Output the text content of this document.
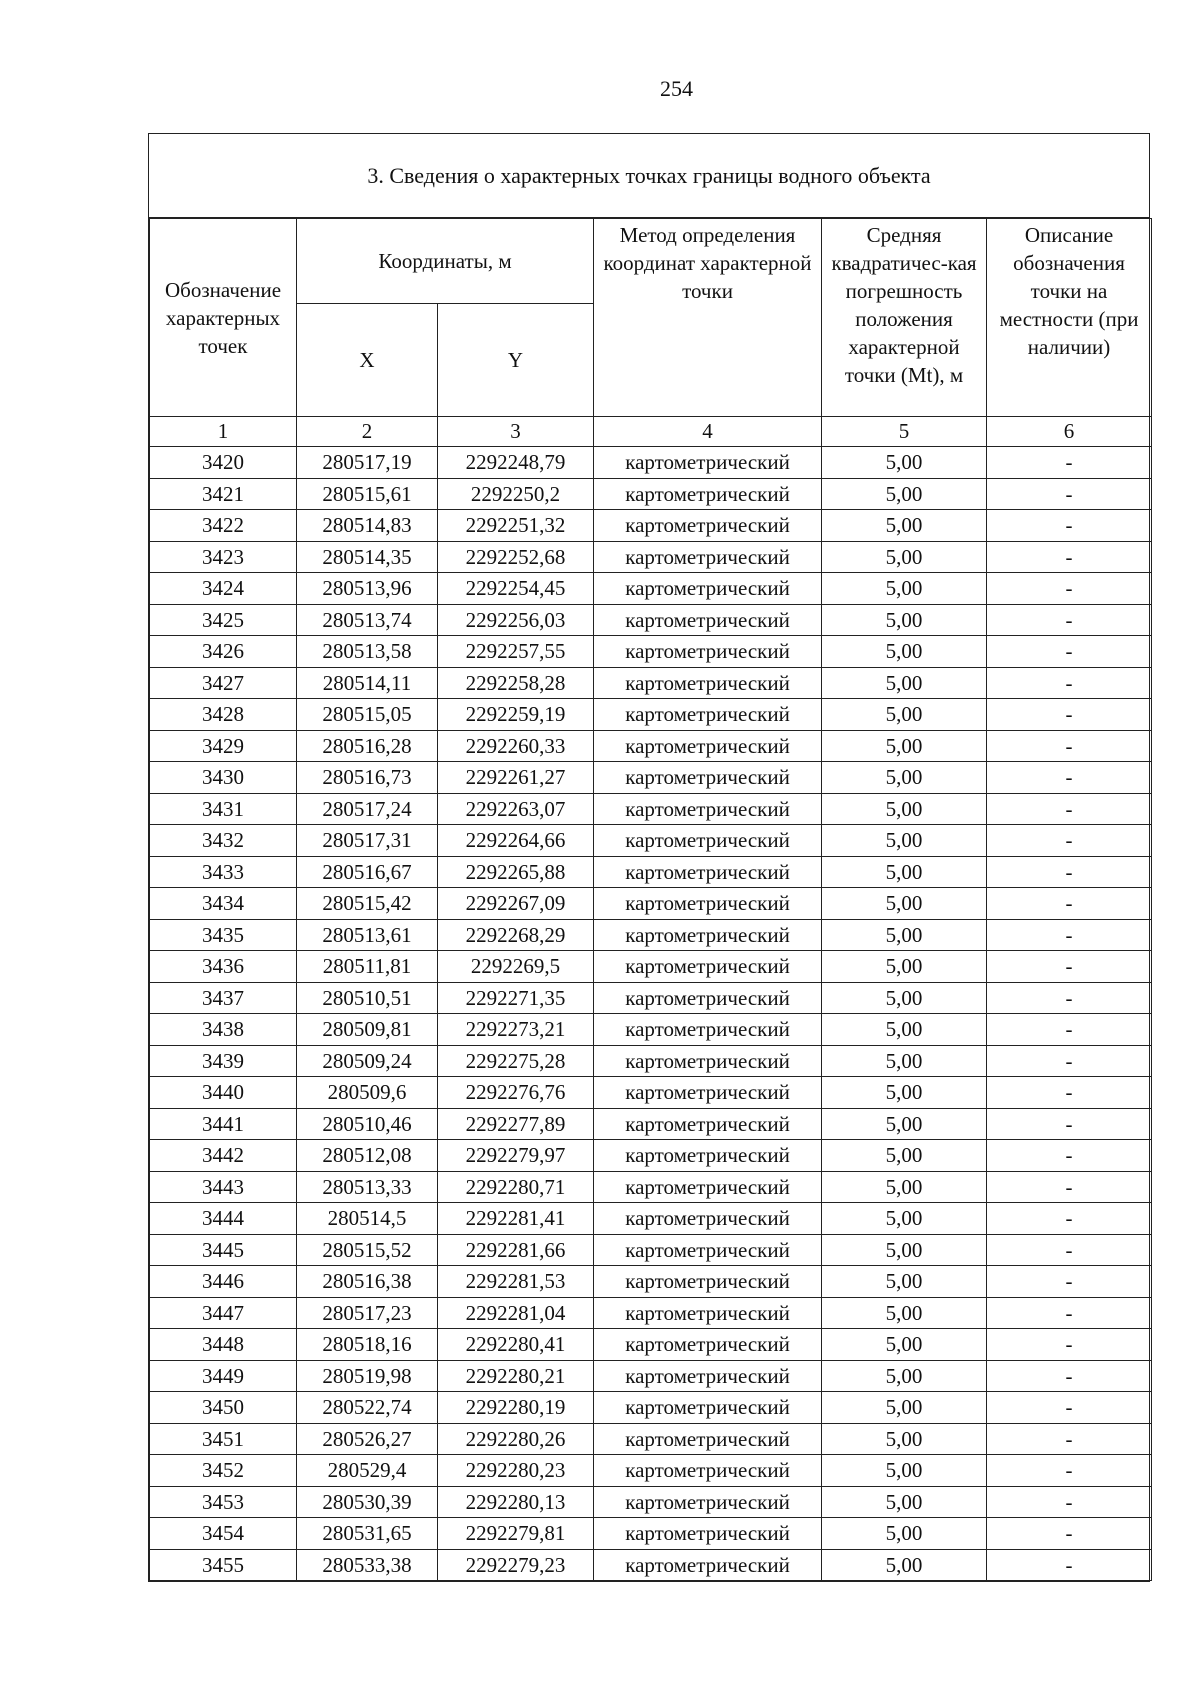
254
3. Сведения о характерных точках границы водного объекта
Обозначение характерных точек	Координаты, м		Метод определения координат характерной точки	Средняя квадратичес-кая погрешность положения характерной точки (Mt), м	Описание обозначения точки на местности (при наличии)
	X	Y			
1	2	3	4	5	6
3420	280517,19	2292248,79	картометрический	5,00	-
3421	280515,61	2292250,2	картометрический	5,00	-
3422	280514,83	2292251,32	картометрический	5,00	-
3423	280514,35	2292252,68	картометрический	5,00	-
3424	280513,96	2292254,45	картометрический	5,00	-
3425	280513,74	2292256,03	картометрический	5,00	-
3426	280513,58	2292257,55	картометрический	5,00	-
3427	280514,11	2292258,28	картометрический	5,00	-
3428	280515,05	2292259,19	картометрический	5,00	-
3429	280516,28	2292260,33	картометрический	5,00	-
3430	280516,73	2292261,27	картометрический	5,00	-
3431	280517,24	2292263,07	картометрический	5,00	-
3432	280517,31	2292264,66	картометрический	5,00	-
3433	280516,67	2292265,88	картометрический	5,00	-
3434	280515,42	2292267,09	картометрический	5,00	-
3435	280513,61	2292268,29	картометрический	5,00	-
3436	280511,81	2292269,5	картометрический	5,00	-
3437	280510,51	2292271,35	картометрический	5,00	-
3438	280509,81	2292273,21	картометрический	5,00	-
3439	280509,24	2292275,28	картометрический	5,00	-
3440	280509,6	2292276,76	картометрический	5,00	-
3441	280510,46	2292277,89	картометрический	5,00	-
3442	280512,08	2292279,97	картометрический	5,00	-
3443	280513,33	2292280,71	картометрический	5,00	-
3444	280514,5	2292281,41	картометрический	5,00	-
3445	280515,52	2292281,66	картометрический	5,00	-
3446	280516,38	2292281,53	картометрический	5,00	-
3447	280517,23	2292281,04	картометрический	5,00	-
3448	280518,16	2292280,41	картометрический	5,00	-
3449	280519,98	2292280,21	картометрический	5,00	-
3450	280522,74	2292280,19	картометрический	5,00	-
3451	280526,27	2292280,26	картометрический	5,00	-
3452	280529,4	2292280,23	картометрический	5,00	-
3453	280530,39	2292280,13	картометрический	5,00	-
3454	280531,65	2292279,81	картометрический	5,00	-
3455	280533,38	2292279,23	картометрический	5,00	-
